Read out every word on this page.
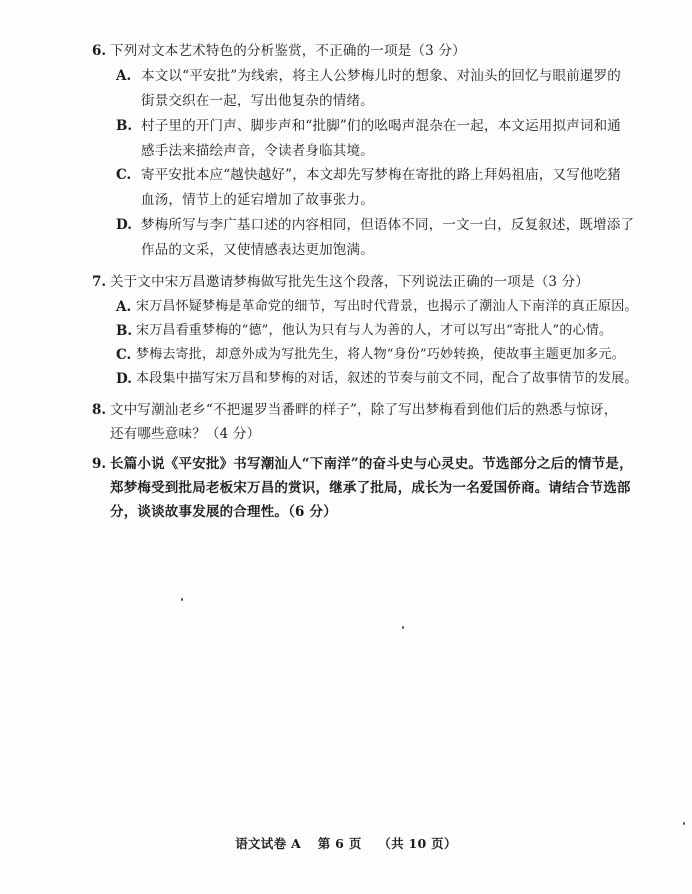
6. 下列对文本艺术特色的分析鉴赏，不正确的一项是（3 分）
A. 本文以“平安批”为线索，将主人公梦梅儿时的想象、对汕头的回忆与眼前暹罗的
街景交织在一起，写出他复杂的情绪。
B. 村子里的开门声、脚步声和“批脚”们的吆喝声混杂在一起，本文运用拟声词和通
感手法来描绘声音，令读者身临其境。
C. 寄平安批本应“越快越好”，本文却先写梦梅在寄批的路上拜妈祖庙，又写他吃猪
血汤，情节上的延宕增加了故事张力。
D. 梦梅所写与李广基口述的内容相同，但语体不同，一文一白，反复叙述，既增添了
作品的文采，又使情感表达更加饱满。
7. 关于文中宋万昌邀请梦梅做写批先生这个段落，下列说法正确的一项是（3 分）
A. 宋万昌怀疑梦梅是革命党的细节，写出时代背景，也揭示了潮汕人下南洋的真正原因。
B. 宋万昌看重梦梅的“德”，他认为只有与人为善的人，才可以写出“寄批人”的心情。
C. 梦梅去寄批，却意外成为写批先生，将人物“身份”巧妙转换，使故事主题更加多元。
D. 本段集中描写宋万昌和梦梅的对话，叙述的节奏与前文不同，配合了故事情节的发展。
8. 文中写潮汕老乡“不把暹罗当番畔的样子”，除了写出梦梅看到他们后的熟悉与惊讶，
还有哪些意味？（4 分）
9. 长篇小说《平安批》书写潮汕人“下南洋”的奋斗史与心灵史。节选部分之后的情节是，
郑梦梅受到批局老板宋万昌的赏识，继承了批局，成长为一名爱国侨商。请结合节选部
分，谈谈故事发展的合理性。（6 分）
语文试卷 A 第 6 页 （共 10 页）
